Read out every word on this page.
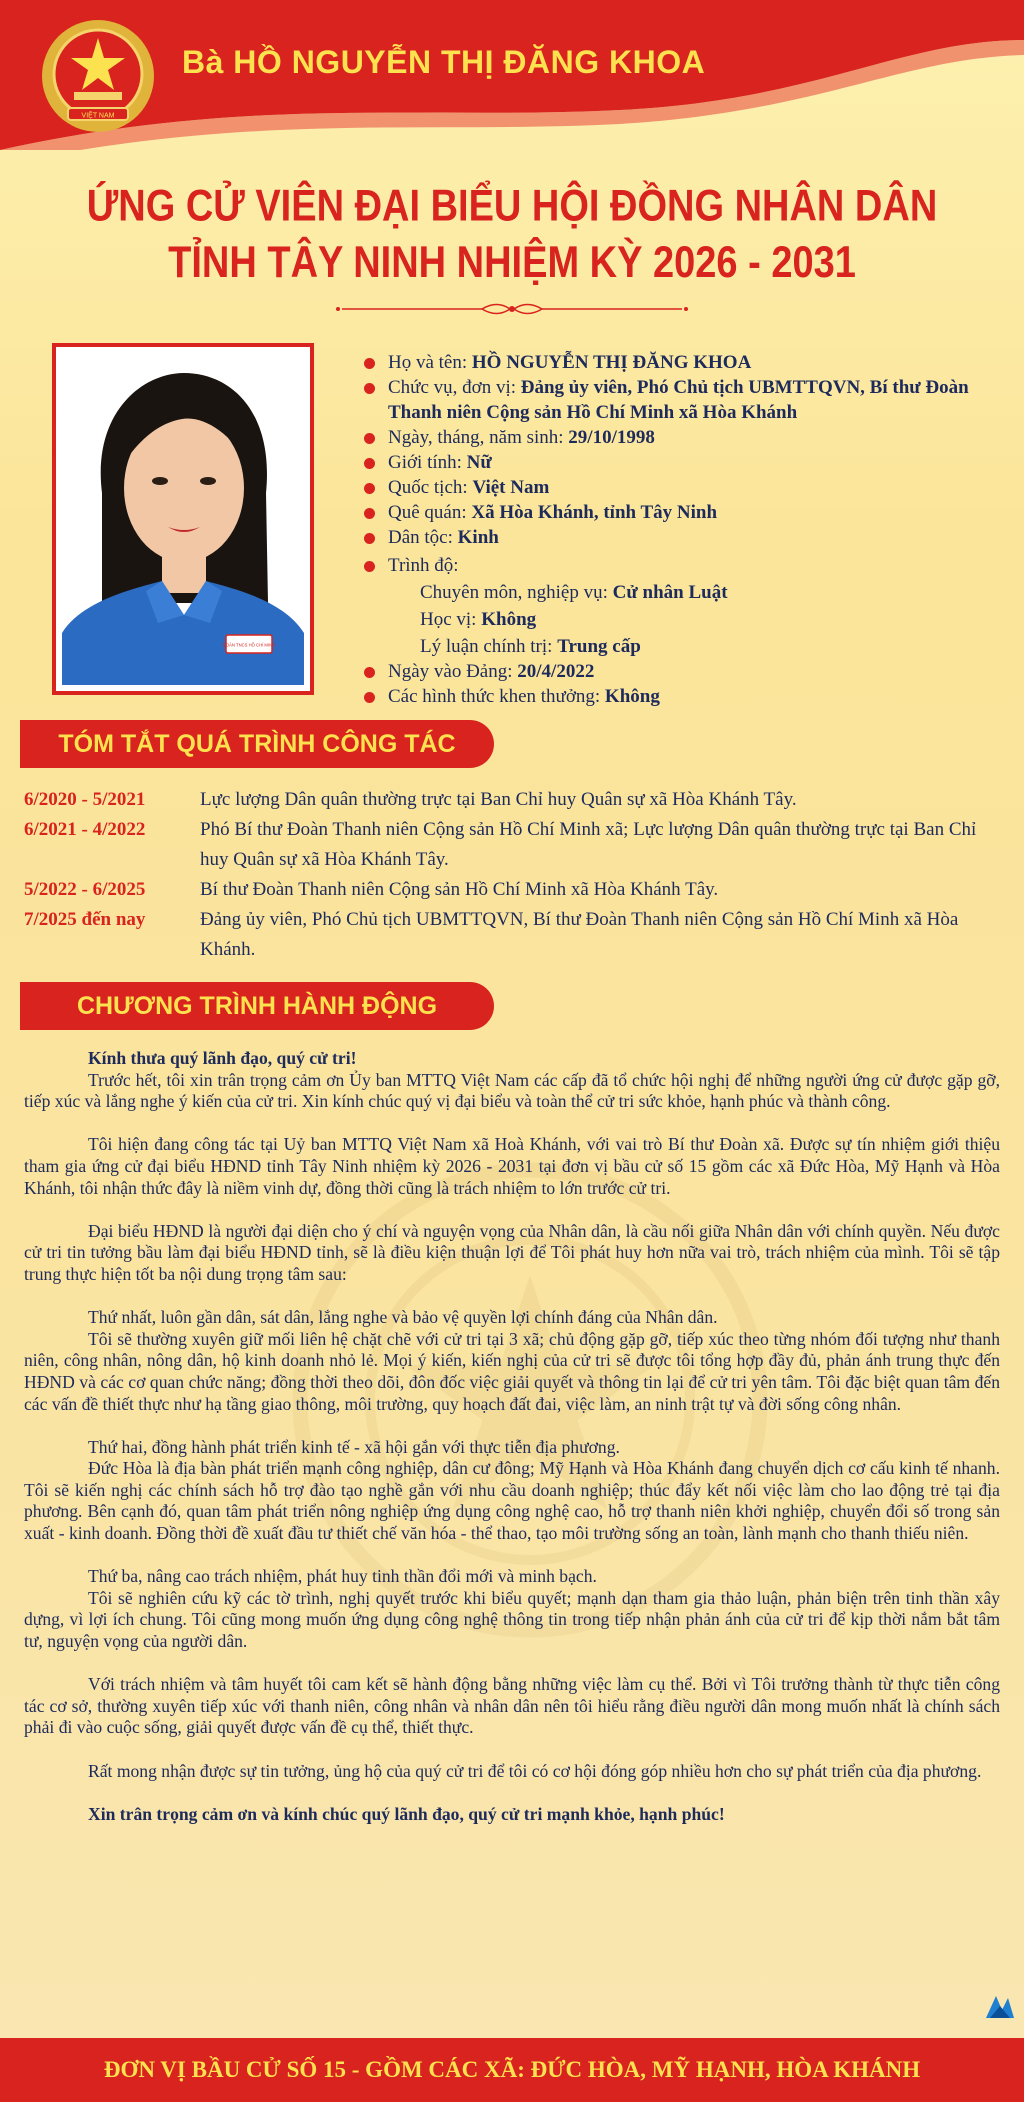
VIỆT NAM
Bà HỒ NGUYỄN THỊ ĐĂNG KHOA
ỨNG CỬ VIÊN ĐẠI BIỂU HỘI ĐỒNG NHÂN DÂN
TỈNH TÂY NINH NHIỆM KỲ 2026 - 2031
ĐOÀN TNCS HỒ CHÍ MINH
Họ và tên: HỒ NGUYỄN THỊ ĐĂNG KHOA
Chức vụ, đơn vị: Đảng ủy viên, Phó Chủ tịch UBMTTQVN, Bí thư Đoàn Thanh niên Cộng sản Hồ Chí Minh xã Hòa Khánh
Ngày, tháng, năm sinh: 29/10/1998
Giới tính: Nữ
Quốc tịch: Việt Nam
Quê quán: Xã Hòa Khánh, tỉnh Tây Ninh
Dân tộc: Kinh
Trình độ:
Chuyên môn, nghiệp vụ: Cử nhân Luật
Học vị: Không
Lý luận chính trị: Trung cấp
Ngày vào Đảng: 20/4/2022
Các hình thức khen thưởng: Không
TÓM TẮT QUÁ TRÌNH CÔNG TÁC
6/2020 - 5/2021	Lực lượng Dân quân thường trực tại Ban Chỉ huy Quân sự xã Hòa Khánh Tây.
6/2021 - 4/2022	Phó Bí thư Đoàn Thanh niên Cộng sản Hồ Chí Minh xã; Lực lượng Dân quân thường trực tại Ban Chỉ huy Quân sự xã Hòa Khánh Tây.
5/2022 - 6/2025	Bí thư Đoàn Thanh niên Cộng sản Hồ Chí Minh xã Hòa Khánh Tây.
7/2025 đến nay	Đảng ủy viên, Phó Chủ tịch UBMTTQVN, Bí thư Đoàn Thanh niên Cộng sản Hồ Chí Minh xã Hòa Khánh.
CHƯƠNG TRÌNH HÀNH ĐỘNG

Kính thưa quý lãnh đạo, quý cử tri!

Trước hết, tôi xin trân trọng cảm ơn Ủy ban MTTQ Việt Nam các cấp đã tổ chức hội nghị để những người ứng cử được gặp gỡ, tiếp xúc và lắng nghe ý kiến của cử tri. Xin kính chúc quý vị đại biểu và toàn thể cử tri sức khỏe, hạnh phúc và thành công.

Tôi hiện đang công tác tại Uỷ ban MTTQ Việt Nam xã Hoà Khánh, với vai trò Bí thư Đoàn xã. Được sự tín nhiệm giới thiệu tham gia ứng cử đại biểu HĐND tỉnh Tây Ninh nhiệm kỳ 2026 - 2031 tại đơn vị bầu cử số 15 gồm các xã Đức Hòa, Mỹ Hạnh và Hòa Khánh, tôi nhận thức đây là niềm vinh dự, đồng thời cũng là trách nhiệm to lớn trước cử tri.

Đại biểu HĐND là người đại diện cho ý chí và nguyện vọng của Nhân dân, là cầu nối giữa Nhân dân với chính quyền. Nếu được cử tri tin tưởng bầu làm đại biểu HĐND tỉnh, sẽ là điều kiện thuận lợi để Tôi phát huy hơn nữa vai trò, trách nhiệm của mình. Tôi sẽ tập trung thực hiện tốt ba nội dung trọng tâm sau:

Thứ nhất, luôn gần dân, sát dân, lắng nghe và bảo vệ quyền lợi chính đáng của Nhân dân.

Tôi sẽ thường xuyên giữ mối liên hệ chặt chẽ với cử tri tại 3 xã; chủ động gặp gỡ, tiếp xúc theo từng nhóm đối tượng như thanh niên, công nhân, nông dân, hộ kinh doanh nhỏ lẻ. Mọi ý kiến, kiến nghị của cử tri sẽ được tôi tổng hợp đầy đủ, phản ánh trung thực đến HĐND và các cơ quan chức năng; đồng thời theo dõi, đôn đốc việc giải quyết và thông tin lại để cử tri yên tâm. Tôi đặc biệt quan tâm đến các vấn đề thiết thực như hạ tầng giao thông, môi trường, quy hoạch đất đai, việc làm, an ninh trật tự và đời sống công nhân.

Thứ hai, đồng hành phát triển kinh tế - xã hội gắn với thực tiễn địa phương.

Đức Hòa là địa bàn phát triển mạnh công nghiệp, dân cư đông; Mỹ Hạnh và Hòa Khánh đang chuyển dịch cơ cấu kinh tế nhanh. Tôi sẽ kiến nghị các chính sách hỗ trợ đào tạo nghề gắn với nhu cầu doanh nghiệp; thúc đẩy kết nối việc làm cho lao động trẻ tại địa phương. Bên cạnh đó, quan tâm phát triển nông nghiệp ứng dụng công nghệ cao, hỗ trợ thanh niên khởi nghiệp, chuyển đổi số trong sản xuất - kinh doanh. Đồng thời đề xuất đầu tư thiết chế văn hóa - thể thao, tạo môi trường sống an toàn, lành mạnh cho thanh thiếu niên.

Thứ ba, nâng cao trách nhiệm, phát huy tinh thần đổi mới và minh bạch.

Tôi sẽ nghiên cứu kỹ các tờ trình, nghị quyết trước khi biểu quyết; mạnh dạn tham gia thảo luận, phản biện trên tinh thần xây dựng, vì lợi ích chung. Tôi cũng mong muốn ứng dụng công nghệ thông tin trong tiếp nhận phản ánh của cử tri để kịp thời nắm bắt tâm tư, nguyện vọng của người dân.

Với trách nhiệm và tâm huyết tôi cam kết sẽ hành động bằng những việc làm cụ thể. Bởi vì Tôi trưởng thành từ thực tiễn công tác cơ sở, thường xuyên tiếp xúc với thanh niên, công nhân và nhân dân nên tôi hiểu rằng điều người dân mong muốn nhất là chính sách phải đi vào cuộc sống, giải quyết được vấn đề cụ thể, thiết thực.

Rất mong nhận được sự tin tưởng, ủng hộ của quý cử tri để tôi có cơ hội đóng góp nhiều hơn cho sự phát triển của địa phương.

Xin trân trọng cảm ơn và kính chúc quý lãnh đạo, quý cử tri mạnh khỏe, hạnh phúc!

ĐƠN VỊ BẦU CỬ SỐ 15 - GỒM CÁC XÃ: ĐỨC HÒA, MỸ HẠNH, HÒA KHÁNH
